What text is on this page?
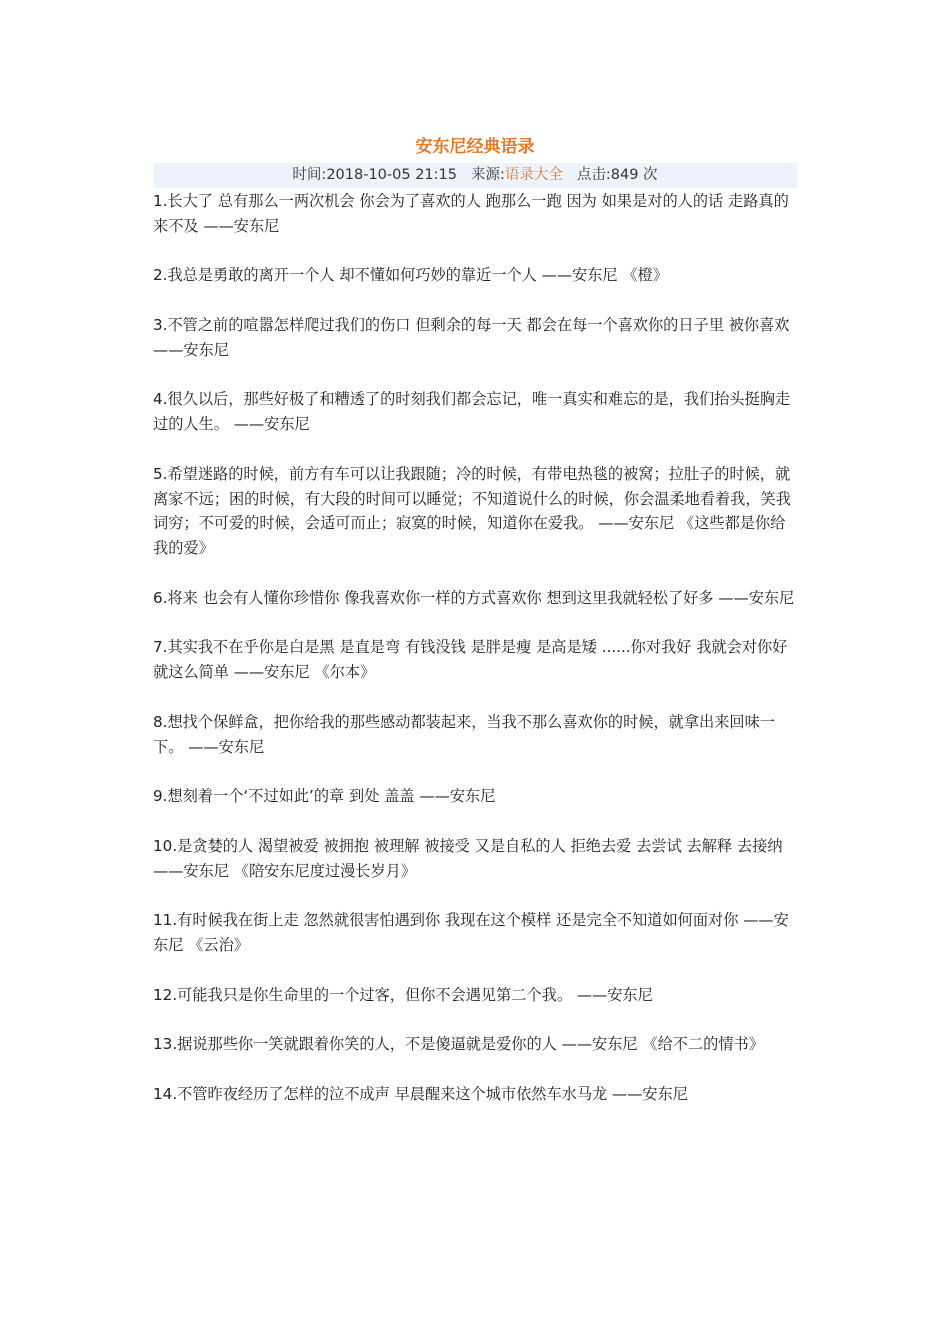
安东尼经典语录
时间:2018-10-05 21:15 来源:语录大全 点击:849 次
1.长大了 总有那么一两次机会 你会为了喜欢的人 跑那么一跑 因为 如果是对的人的话 走路真的来不及 ——安东尼
2.我总是勇敢的离开一个人 却不懂如何巧妙的靠近一个人 ——安东尼 《橙》
3.不管之前的喧嚣怎样爬过我们的伤口 但剩余的每一天 都会在每一个喜欢你的日子里 被你喜欢 ——安东尼
4.很久以后，那些好极了和糟透了的时刻我们都会忘记，唯一真实和难忘的是，我们抬头挺胸走过的人生。 ——安东尼
5.希望迷路的时候，前方有车可以让我跟随；冷的时候，有带电热毯的被窝；拉肚子的时候，就离家不远；困的时候，有大段的时间可以睡觉；不知道说什么的时候，你会温柔地看着我，笑我词穷；不可爱的时候，会适可而止；寂寞的时候，知道你在爱我。 ——安东尼 《这些都是你给我的爱》
6.将来 也会有人懂你珍惜你 像我喜欢你一样的方式喜欢你 想到这里我就轻松了好多 ——安东尼
7.其实我不在乎你是白是黑 是直是弯 有钱没钱 是胖是瘦 是高是矮 ......你对我好 我就会对你好 就这么简单 ——安东尼 《尔本》
8.想找个保鲜盒，把你给我的那些感动都装起来，当我不那么喜欢你的时候，就拿出来回味一下。 ——安东尼
9.想刻着一个‘不过如此’的章 到处 盖盖 ——安东尼
10.是贪婪的人 渴望被爱 被拥抱 被理解 被接受 又是自私的人 拒绝去爱 去尝试 去解释 去接纳 ——安东尼 《陪安东尼度过漫长岁月》
11.有时候我在街上走 忽然就很害怕遇到你 我现在这个模样 还是完全不知道如何面对你 ——安东尼 《云治》
12.可能我只是你生命里的一个过客，但你不会遇见第二个我。 ——安东尼
13.据说那些你一笑就跟着你笑的人，不是傻逼就是爱你的人 ——安东尼 《给不二的情书》
14.不管昨夜经历了怎样的泣不成声 早晨醒来这个城市依然车水马龙 ——安东尼
